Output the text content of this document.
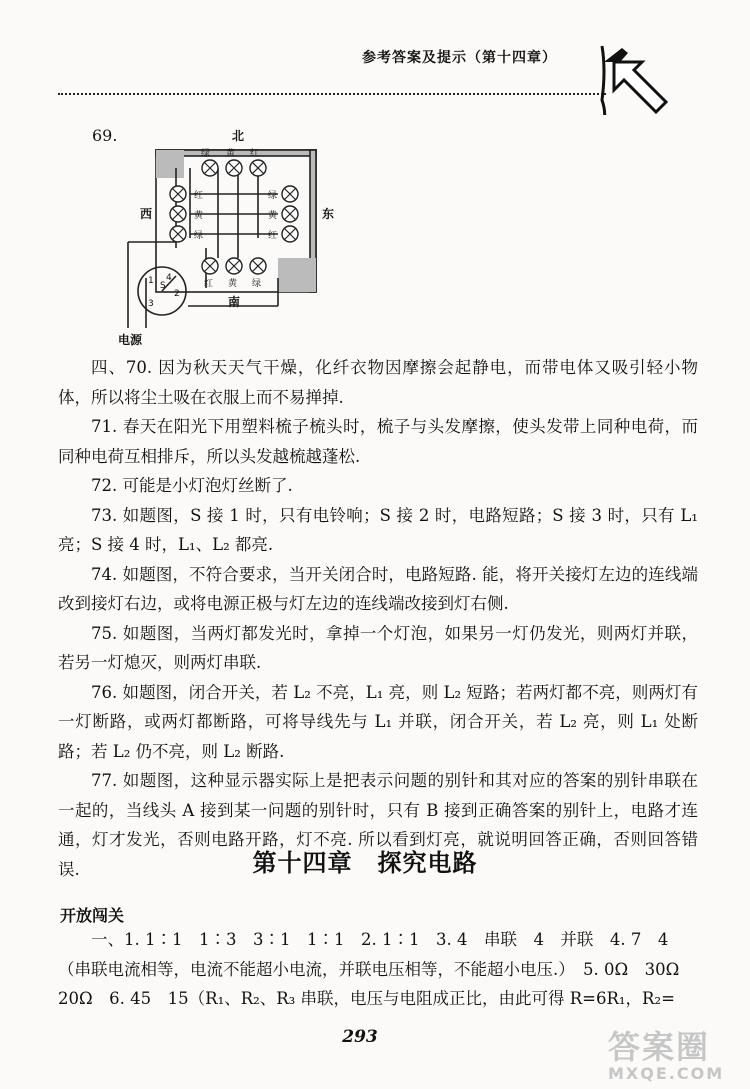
参考答案及提示（第十四章）
69.	北
南
西	东
电源
绿 黄 红
红
黄
绿
绿
黄
红
红 黄 绿
1
2
3
4
S

四、70. 因为秋天天气干燥，化纤衣物因摩擦会起静电，而带电体又吸引轻小物体，所以将尘土吸在衣服上而不易掸掉.

71. 春天在阳光下用塑料梳子梳头时，梳子与头发摩擦，使头发带上同种电荷，而同种电荷互相排斥，所以头发越梳越蓬松.

72. 可能是小灯泡灯丝断了.

73. 如题图，S 接 1 时，只有电铃响；S 接 2 时，电路短路；S 接 3 时，只有 L₁ 亮；S 接 4 时，L₁、L₂ 都亮.

74. 如题图，不符合要求，当开关闭合时，电路短路. 能，将开关接灯左边的连线端改到接灯右边，或将电源正极与灯左边的连线端改接到灯右侧.

75. 如题图，当两灯都发光时，拿掉一个灯泡，如果另一灯仍发光，则两灯并联，若另一灯熄灭，则两灯串联.

76. 如题图，闭合开关，若 L₂ 不亮，L₁ 亮，则 L₂ 短路；若两灯都不亮，则两灯有一灯断路，或两灯都断路，可将导线先与 L₁ 并联，闭合开关，若 L₂ 亮，则 L₁ 处断路；若 L₂ 仍不亮，则 L₂ 断路.

77. 如题图，这种显示器实际上是把表示问题的别针和其对应的答案的别针串联在一起的，当线头 A 接到某一问题的别针时，只有 B 接到正确答案的别针上，电路才连通，灯才发光，否则电路开路，灯不亮. 所以看到灯亮，就说明回答正确，否则回答错误.	第十四章　探究电路
开放闯关

一、1. 1∶1　1∶3　3∶1　1∶1　2. 1∶1　3. 4　串联　4　并联　4. 7　4（串联电流相等，电流不能超小电流，并联电压相等，不能超小电压.）　5. 0Ω　30Ω　20Ω　6. 45　15（R₁、R₂、R₃ 串联，电压与电阻成正比，由此可得 R=6R₁，R₂=

293	答案圈
MXQE.COM
